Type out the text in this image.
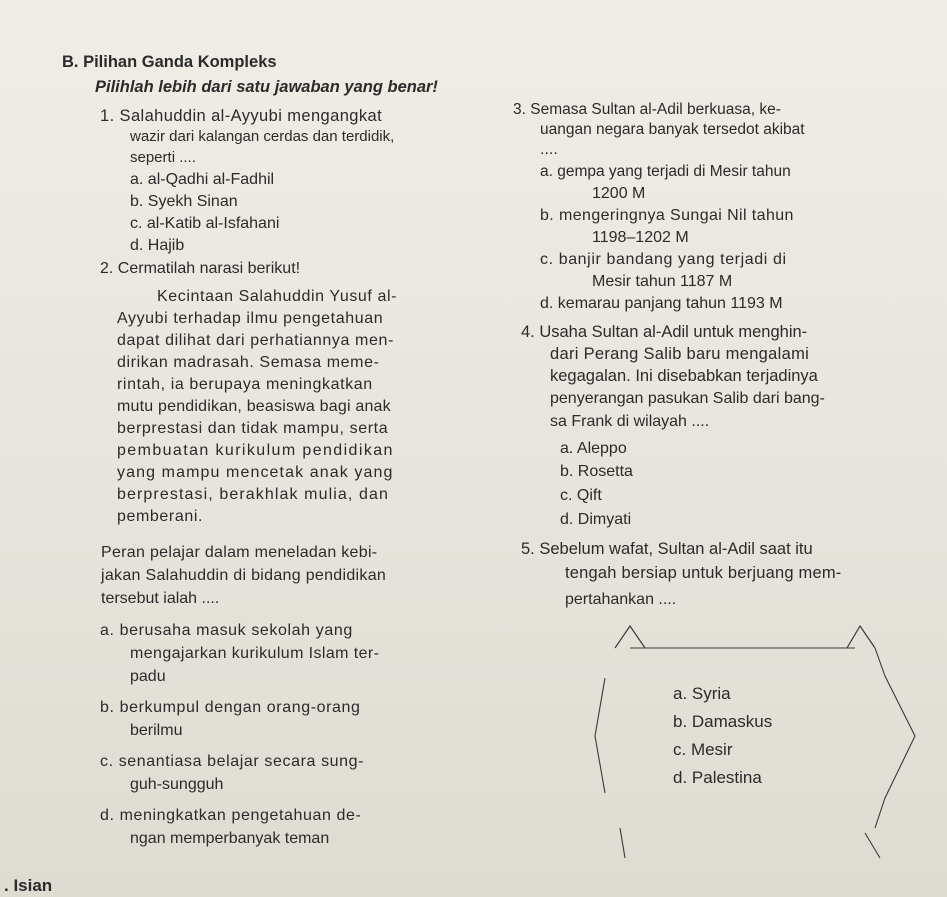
B. Pilihan Ganda Kompleks
Pilihlah lebih dari satu jawaban yang benar!
1. Salahuddin al-Ayyubi mengangkat
wazir dari kalangan cerdas dan terdidik,
seperti ....
a. al-Qadhi al-Fadhil
b. Syekh Sinan
c. al-Katib al-Isfahani
d. Hajib
2. Cermatilah narasi berikut!
Kecintaan Salahuddin Yusuf al-
Ayyubi terhadap ilmu pengetahuan
dapat dilihat dari perhatiannya men-
dirikan madrasah. Semasa meme-
rintah, ia berupaya meningkatkan
mutu pendidikan, beasiswa bagi anak
berprestasi dan tidak mampu, serta
pembuatan kurikulum pendidikan
yang mampu mencetak anak yang
berprestasi, berakhlak mulia, dan
pemberani.
Peran pelajar dalam meneladan kebi-
jakan Salahuddin di bidang pendidikan
tersebut ialah ....
a. berusaha masuk sekolah yang
mengajarkan kurikulum Islam ter-
padu
b. berkumpul dengan orang-orang
berilmu
c. senantiasa belajar secara sung-
guh-sungguh
d. meningkatkan pengetahuan de-
ngan memperbanyak teman
3. Semasa Sultan al-Adil berkuasa, ke-
uangan negara banyak tersedot akibat
....
a. gempa yang terjadi di Mesir tahun
1200 M
b. mengeringnya Sungai Nil tahun
1198–1202 M
c. banjir bandang yang terjadi di
Mesir tahun 1187 M
d. kemarau panjang tahun 1193 M
4. Usaha Sultan al-Adil untuk menghin-
dari Perang Salib baru mengalami
kegagalan. Ini disebabkan terjadinya
penyerangan pasukan Salib dari bang-
sa Frank di wilayah ....
a. Aleppo
b. Rosetta
c. Qift
d. Dimyati
5. Sebelum wafat, Sultan al-Adil saat itu
tengah bersiap untuk berjuang mem-
pertahankan ....
a. Syria
b. Damaskus
c. Mesir
d. Palestina
. Isian
